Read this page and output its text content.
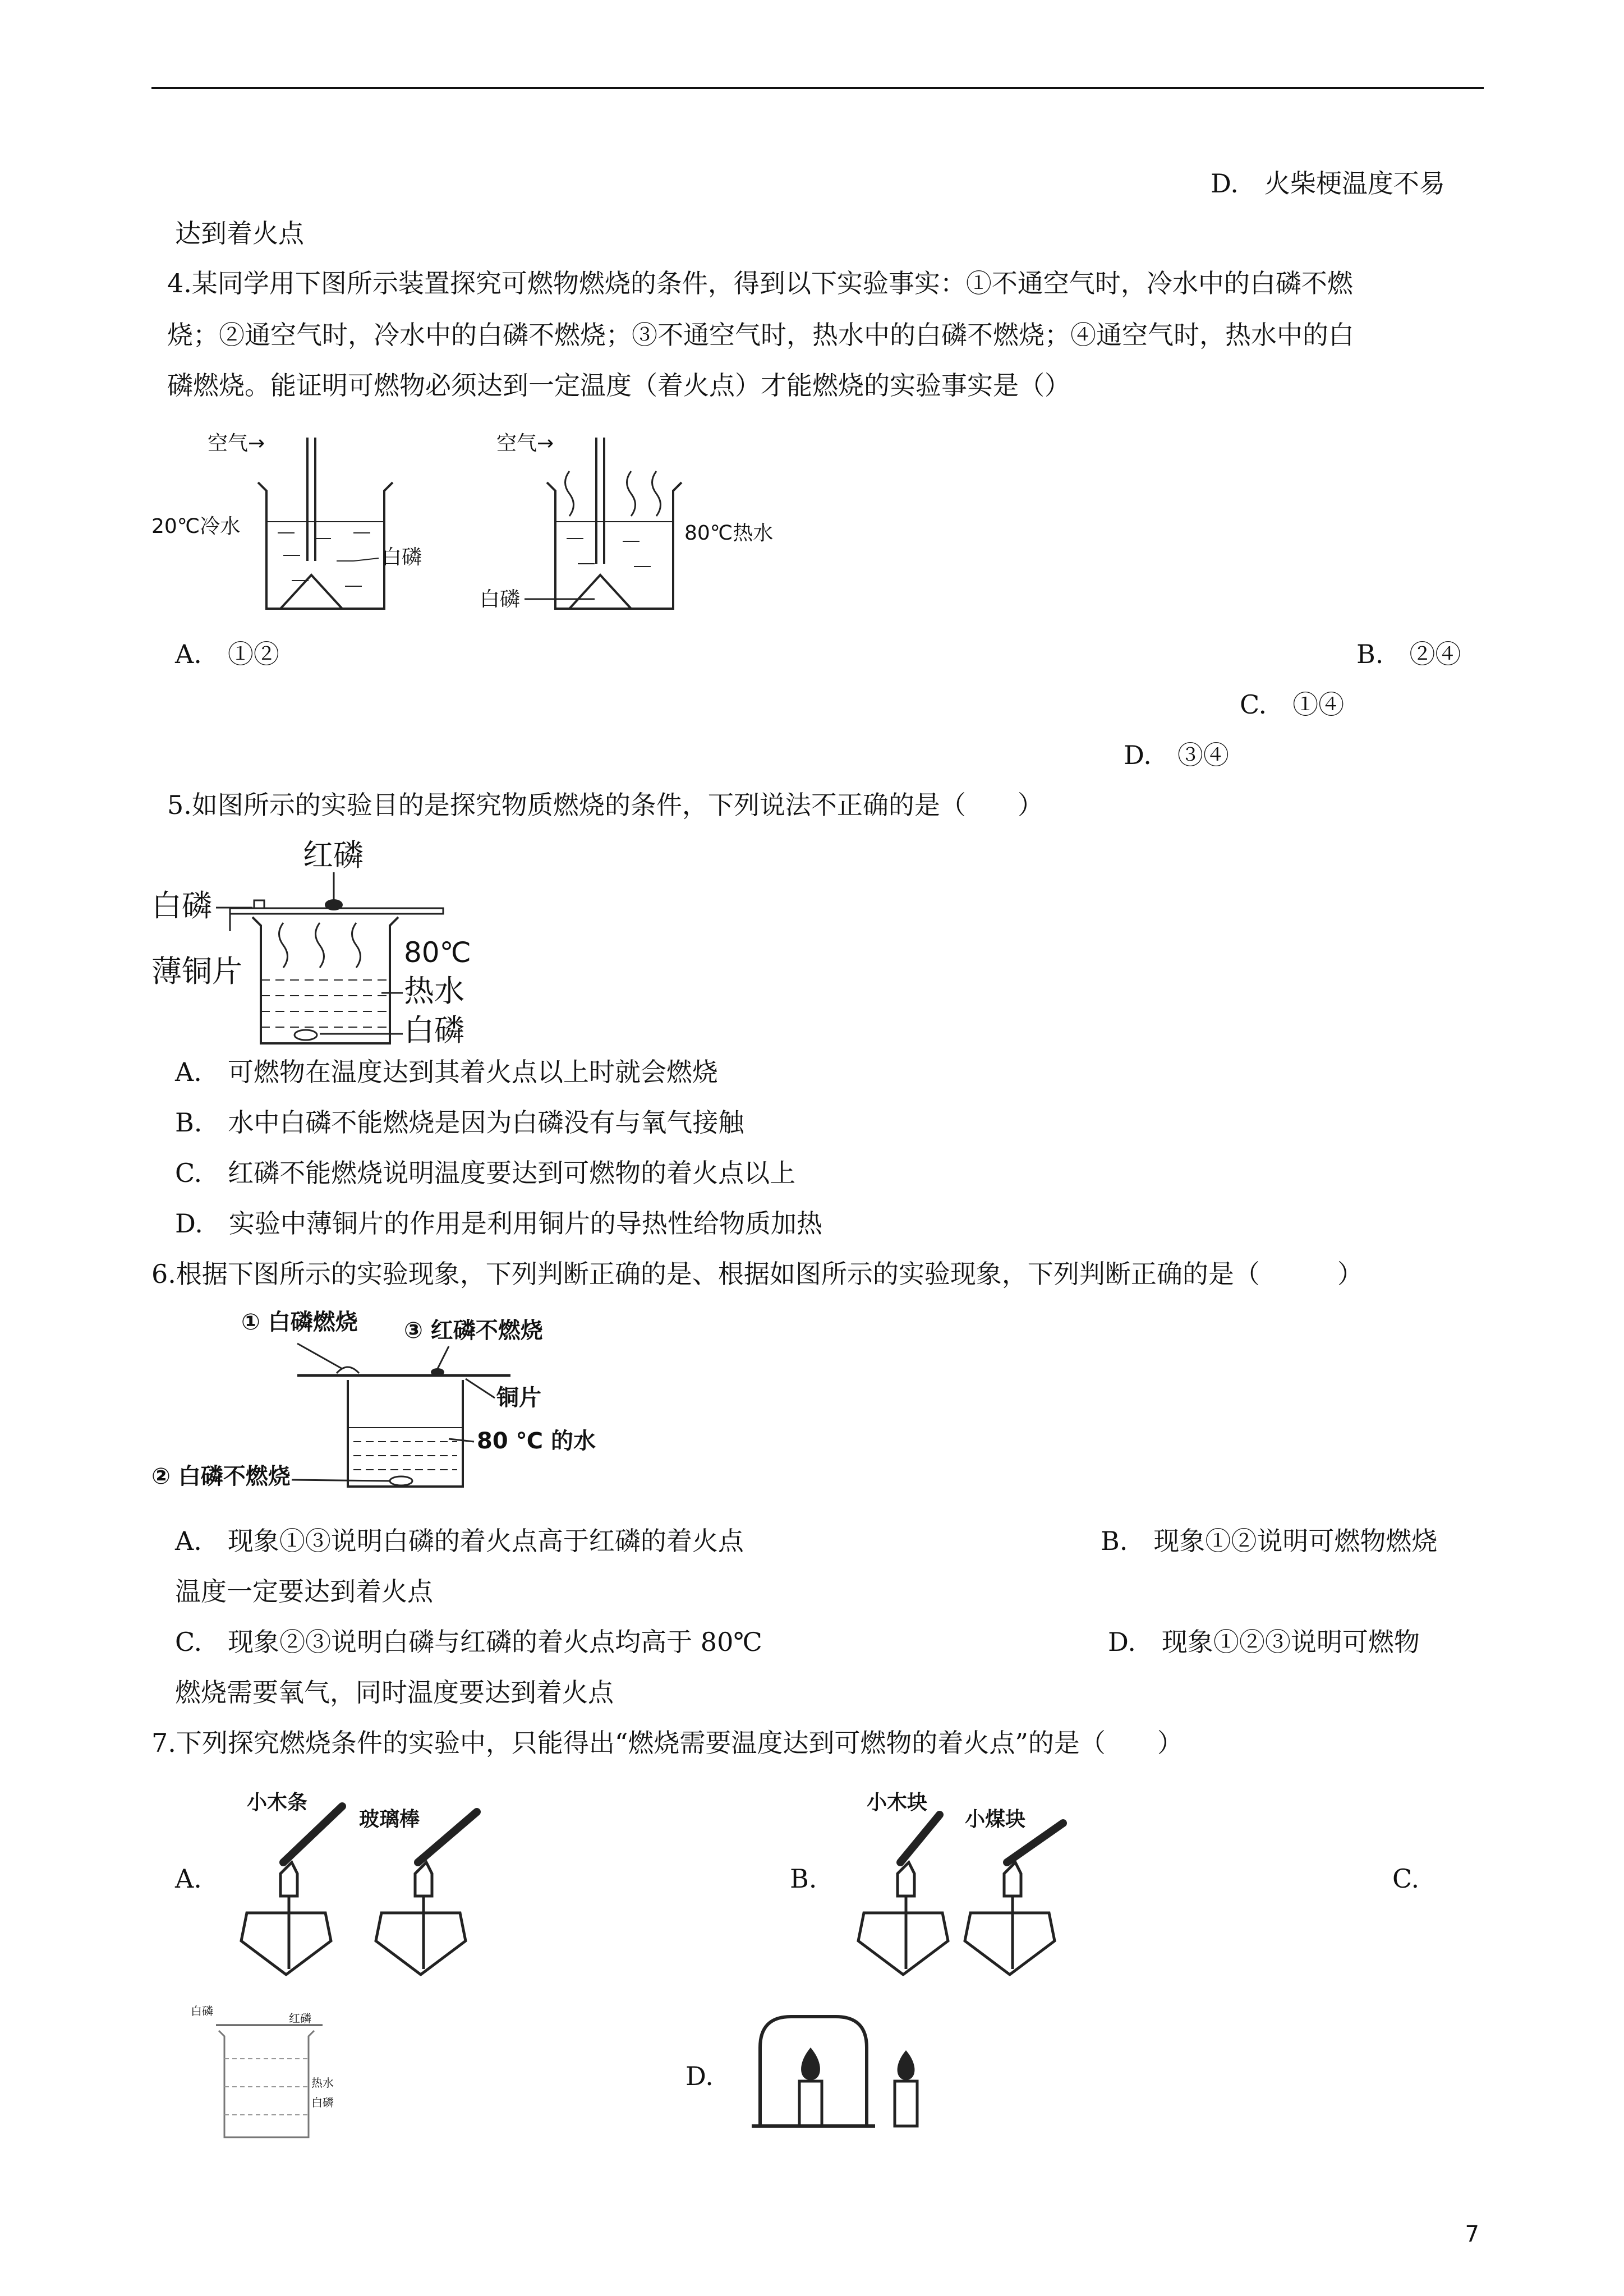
D.　火柴梗温度不易
达到着火点
4.某同学用下图所示装置探究可燃物燃烧的条件，得到以下实验事实：①不通空气时，冷水中的白磷不燃
烧；②通空气时，冷水中的白磷不燃烧；③不通空气时，热水中的白磷不燃烧；④通空气时，热水中的白
磷燃烧。能证明可燃物必须达到一定温度（着火点）才能燃烧的实验事实是（）
空气→
20℃冷水
白磷
空气→
80℃热水
白磷
A.　①②	B.　②④
C.　①④
D.　③④
5.如图所示的实验目的是探究物质燃烧的条件，下列说法不正确的是（　　）
红磷
白磷
薄铜片
80℃
热水
白磷
A.　可燃物在温度达到其着火点以上时就会燃烧
B.　水中白磷不能燃烧是因为白磷没有与氧气接触
C.　红磷不能燃烧说明温度要达到可燃物的着火点以上
D.　实验中薄铜片的作用是利用铜片的导热性给物质加热
6.根据下图所示的实验现象，下列判断正确的是、根据如图所示的实验现象，下列判断正确的是（　　　）
① 白磷燃烧 ③ 红磷不燃烧
铜片
80 ℃ 的水
② 白磷不燃烧
A.　现象①③说明白磷的着火点高于红磷的着火点	B.　现象①②说明可燃物燃烧
温度一定要达到着火点
C.　现象②③说明白磷与红磷的着火点均高于 80℃	D.　现象①②③说明可燃物
燃烧需要氧气，同时温度要达到着火点
7.下列探究燃烧条件的实验中，只能得出“燃烧需要温度达到可燃物的着火点”的是（　　）
A.
小木条
玻璃棒
B.
小木块
小煤块
C.
白磷
红磷
热水
白磷
D.
7
